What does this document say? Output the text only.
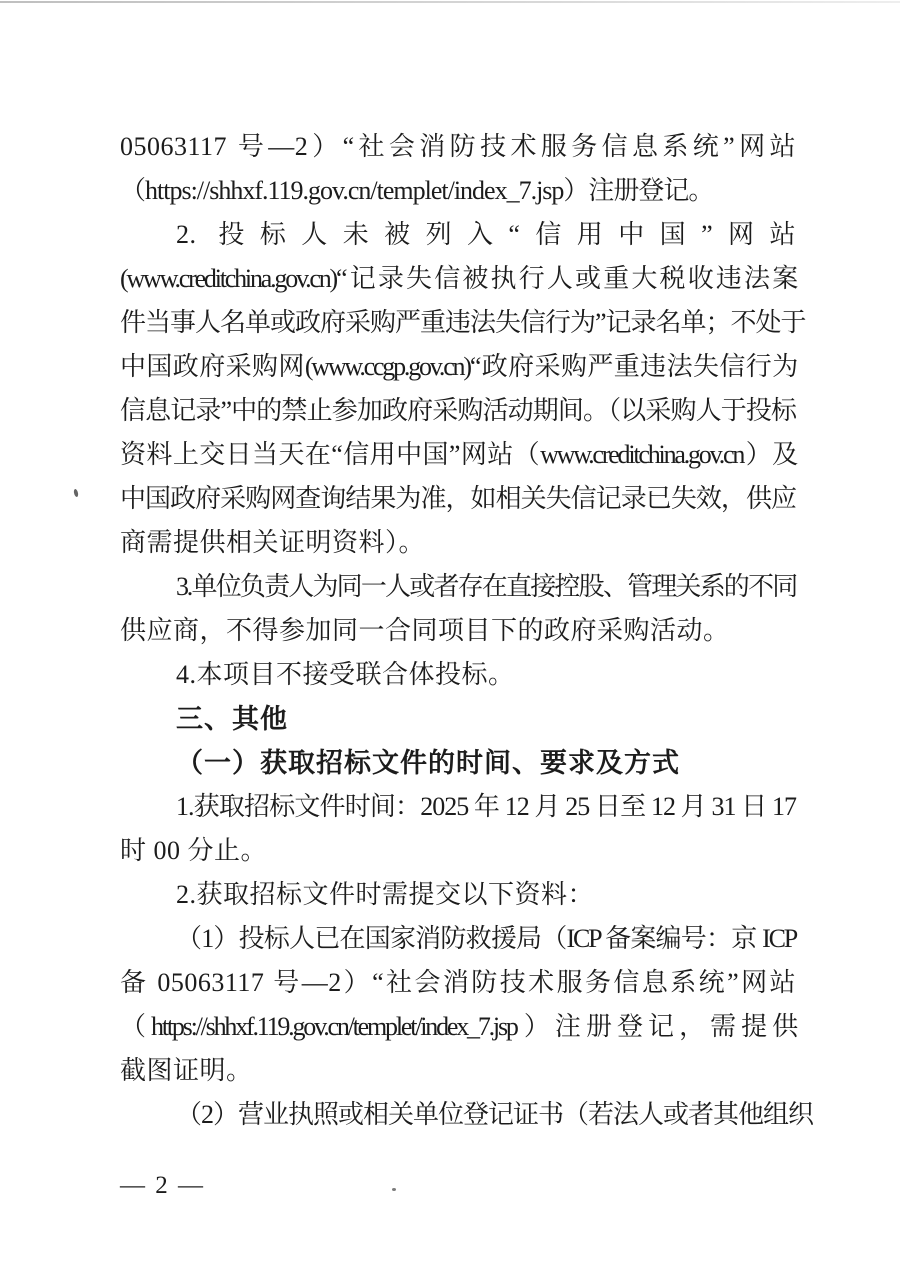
05063117 号—2）“社会消防技术服务信息系统”网站
（https://shhxf.119.gov.cn/templet/index_7.jsp）注册登记。
2. 投标人未被列入“信用中国”网站
(www.creditchina.gov.cn)“记录失信被执行人或重大税收违法案
件当事人名单或政府采购严重违法失信行为”记录名单；不处于
中国政府采购网(www.ccgp.gov.cn)“政府采购严重违法失信行为
信息记录”中的禁止参加政府采购活动期间。（以采购人于投标
资料上交日当天在“信用中国”网站（www.creditchina.gov.cn）及
中国政府采购网查询结果为准，如相关失信记录已失效，供应
商需提供相关证明资料）。
3.单位负责人为同一人或者存在直接控股、管理关系的不同
供应商，不得参加同一合同项目下的政府采购活动。
4.本项目不接受联合体投标。
三、其他
（一）获取招标文件的时间、要求及方式
1.获取招标文件时间：2025 年 12 月 25 日至 12 月 31 日 17
时 00 分止。
2.获取招标文件时需提交以下资料：
（1）投标人已在国家消防救援局（ICP 备案编号：京 ICP
备 05063117 号—2）“社会消防技术服务信息系统”网站
（https://shhxf.119.gov.cn/templet/index_7.jsp）注册登记，需提供
截图证明。
（2）营业执照或相关单位登记证书（若法人或者其他组织
— 2 —
